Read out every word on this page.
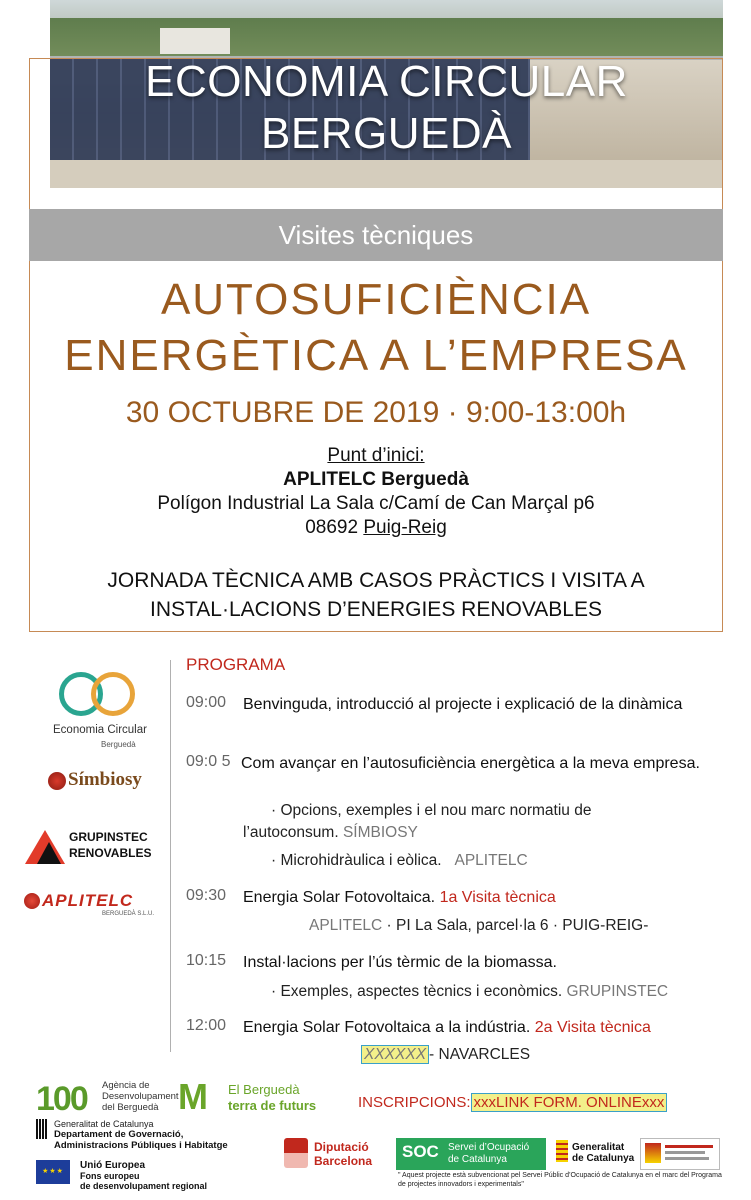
ECONOMIA CIRCULAR
BERGUEDÀ
Visites tècniques
AUTOSUFICIÈNCIA
ENERGÈTICA A L’EMPRESA
30 OCTUBRE DE 2019 · 9:00-13:00h
Punt d’inici:
APLITELC Berguedà
Polígon Industrial La Sala c/Camí de Can Marçal p6
08692 Puig-Reig
JORNADA TÈCNICA AMB CASOS PRÀCTICS I VISITA A
INSTAL·LACIONS D’ENERGIES RENOVABLES
Economia Circular
Berguedà
Símbiosy
GRUPINSTEC
RENOVABLES
APLITELC
BERGUEDÀ S.L.U.
PROGRAMA
09:00 Benvinguda, introducció al projecte i explicació de la dinàmica
09:0 5 Com avançar en l’autosuficiència energètica a la meva empresa.
· Opcions, exemples i el nou marc normatiu de l’autoconsum. SÍMBIOSY
· Microhidràulica i eòlica. APLITELC
09:30 Energia Solar Fotovoltaica. 1a Visita tècnica
APLITELC · PI La Sala, parcel·la 6 · PUIG-REIG-
10:15 Instal·lacions per l’ús tèrmic de la biomassa.
· Exemples, aspectes tècnics i econòmics. GRUPINSTEC
12:00 Energia Solar Fotovoltaica a la indústria. 2a Visita tècnica
XXXXXX - NAVARCLES
INSCRIPCIONS: xxxLINK FORM. ONLINExxx
100 Agència de
Desenvolupament
del Berguedà M El Berguedà
terra de futurs
Generalitat de Catalunya
Departament de Governació,
Administracions Públiques i Habitatge
★★★
Unió Europea
Fons europeu
de desenvolupament regional
Diputació
Barcelona SOC Servei d’Ocupació
de Catalunya
Generalitat
de Catalunya
" Aquest projecte està subvencionat pel Servei Públic d’Ocupació de Catalunya en el marc del Programa de projectes innovadors i experimentals"
